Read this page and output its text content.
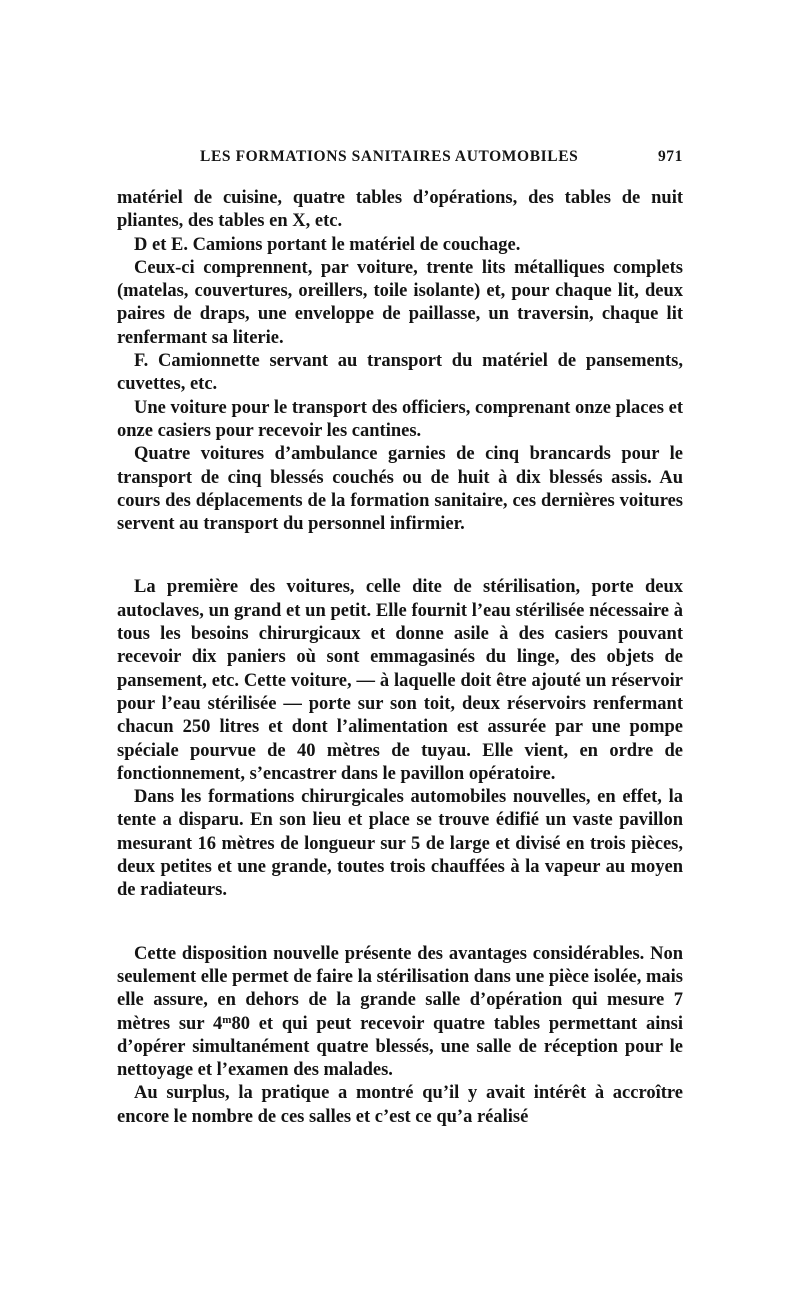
LES FORMATIONS SANITAIRES AUTOMOBILES	971

matériel de cuisine, quatre tables d’opérations, des tables de nuit pliantes, des tables en X, etc.

D et E. Camions portant le matériel de couchage.

Ceux-ci comprennent, par voiture, trente lits métalliques complets (matelas, couvertures, oreillers, toile isolante) et, pour chaque lit, deux paires de draps, une enveloppe de paillasse, un traversin, chaque lit renfermant sa literie.

F. Camionnette servant au transport du matériel de pansements, cuvettes, etc.

Une voiture pour le transport des officiers, comprenant onze places et onze casiers pour recevoir les cantines.

Quatre voitures d’ambulance garnies de cinq brancards pour le transport de cinq blessés couchés ou de huit à dix blessés assis. Au cours des déplacements de la formation sanitaire, ces dernières voitures servent au transport du personnel infirmier.

La première des voitures, celle dite de stérilisation, porte deux autoclaves, un grand et un petit. Elle fournit l’eau stérilisée nécessaire à tous les besoins chirurgicaux et donne asile à des casiers pouvant recevoir dix paniers où sont emmagasinés du linge, des objets de pansement, etc. Cette voiture, — à laquelle doit être ajouté un réservoir pour l’eau stérilisée — porte sur son toit, deux réservoirs renfermant chacun 250 litres et dont l’alimentation est assurée par une pompe spéciale pourvue de 40 mètres de tuyau. Elle vient, en ordre de fonctionnement, s’encastrer dans le pavillon opératoire.

Dans les formations chirurgicales automobiles nouvelles, en effet, la tente a disparu. En son lieu et place se trouve édifié un vaste pavillon mesurant 16 mètres de longueur sur 5 de large et divisé en trois pièces, deux petites et une grande, toutes trois chauffées à la vapeur au moyen de radiateurs.

Cette disposition nouvelle présente des avantages considérables. Non seulement elle permet de faire la stérilisation dans une pièce isolée, mais elle assure, en dehors de la grande salle d’opération qui mesure 7 mètres sur 4$^m$80 et qui peut recevoir quatre tables permettant ainsi d’opérer simultanément quatre blessés, une salle de réception pour le nettoyage et l’examen des malades.

Au surplus, la pratique a montré qu’il y avait intérêt à accroître encore le nombre de ces salles et c’est ce qu’a réalisé
